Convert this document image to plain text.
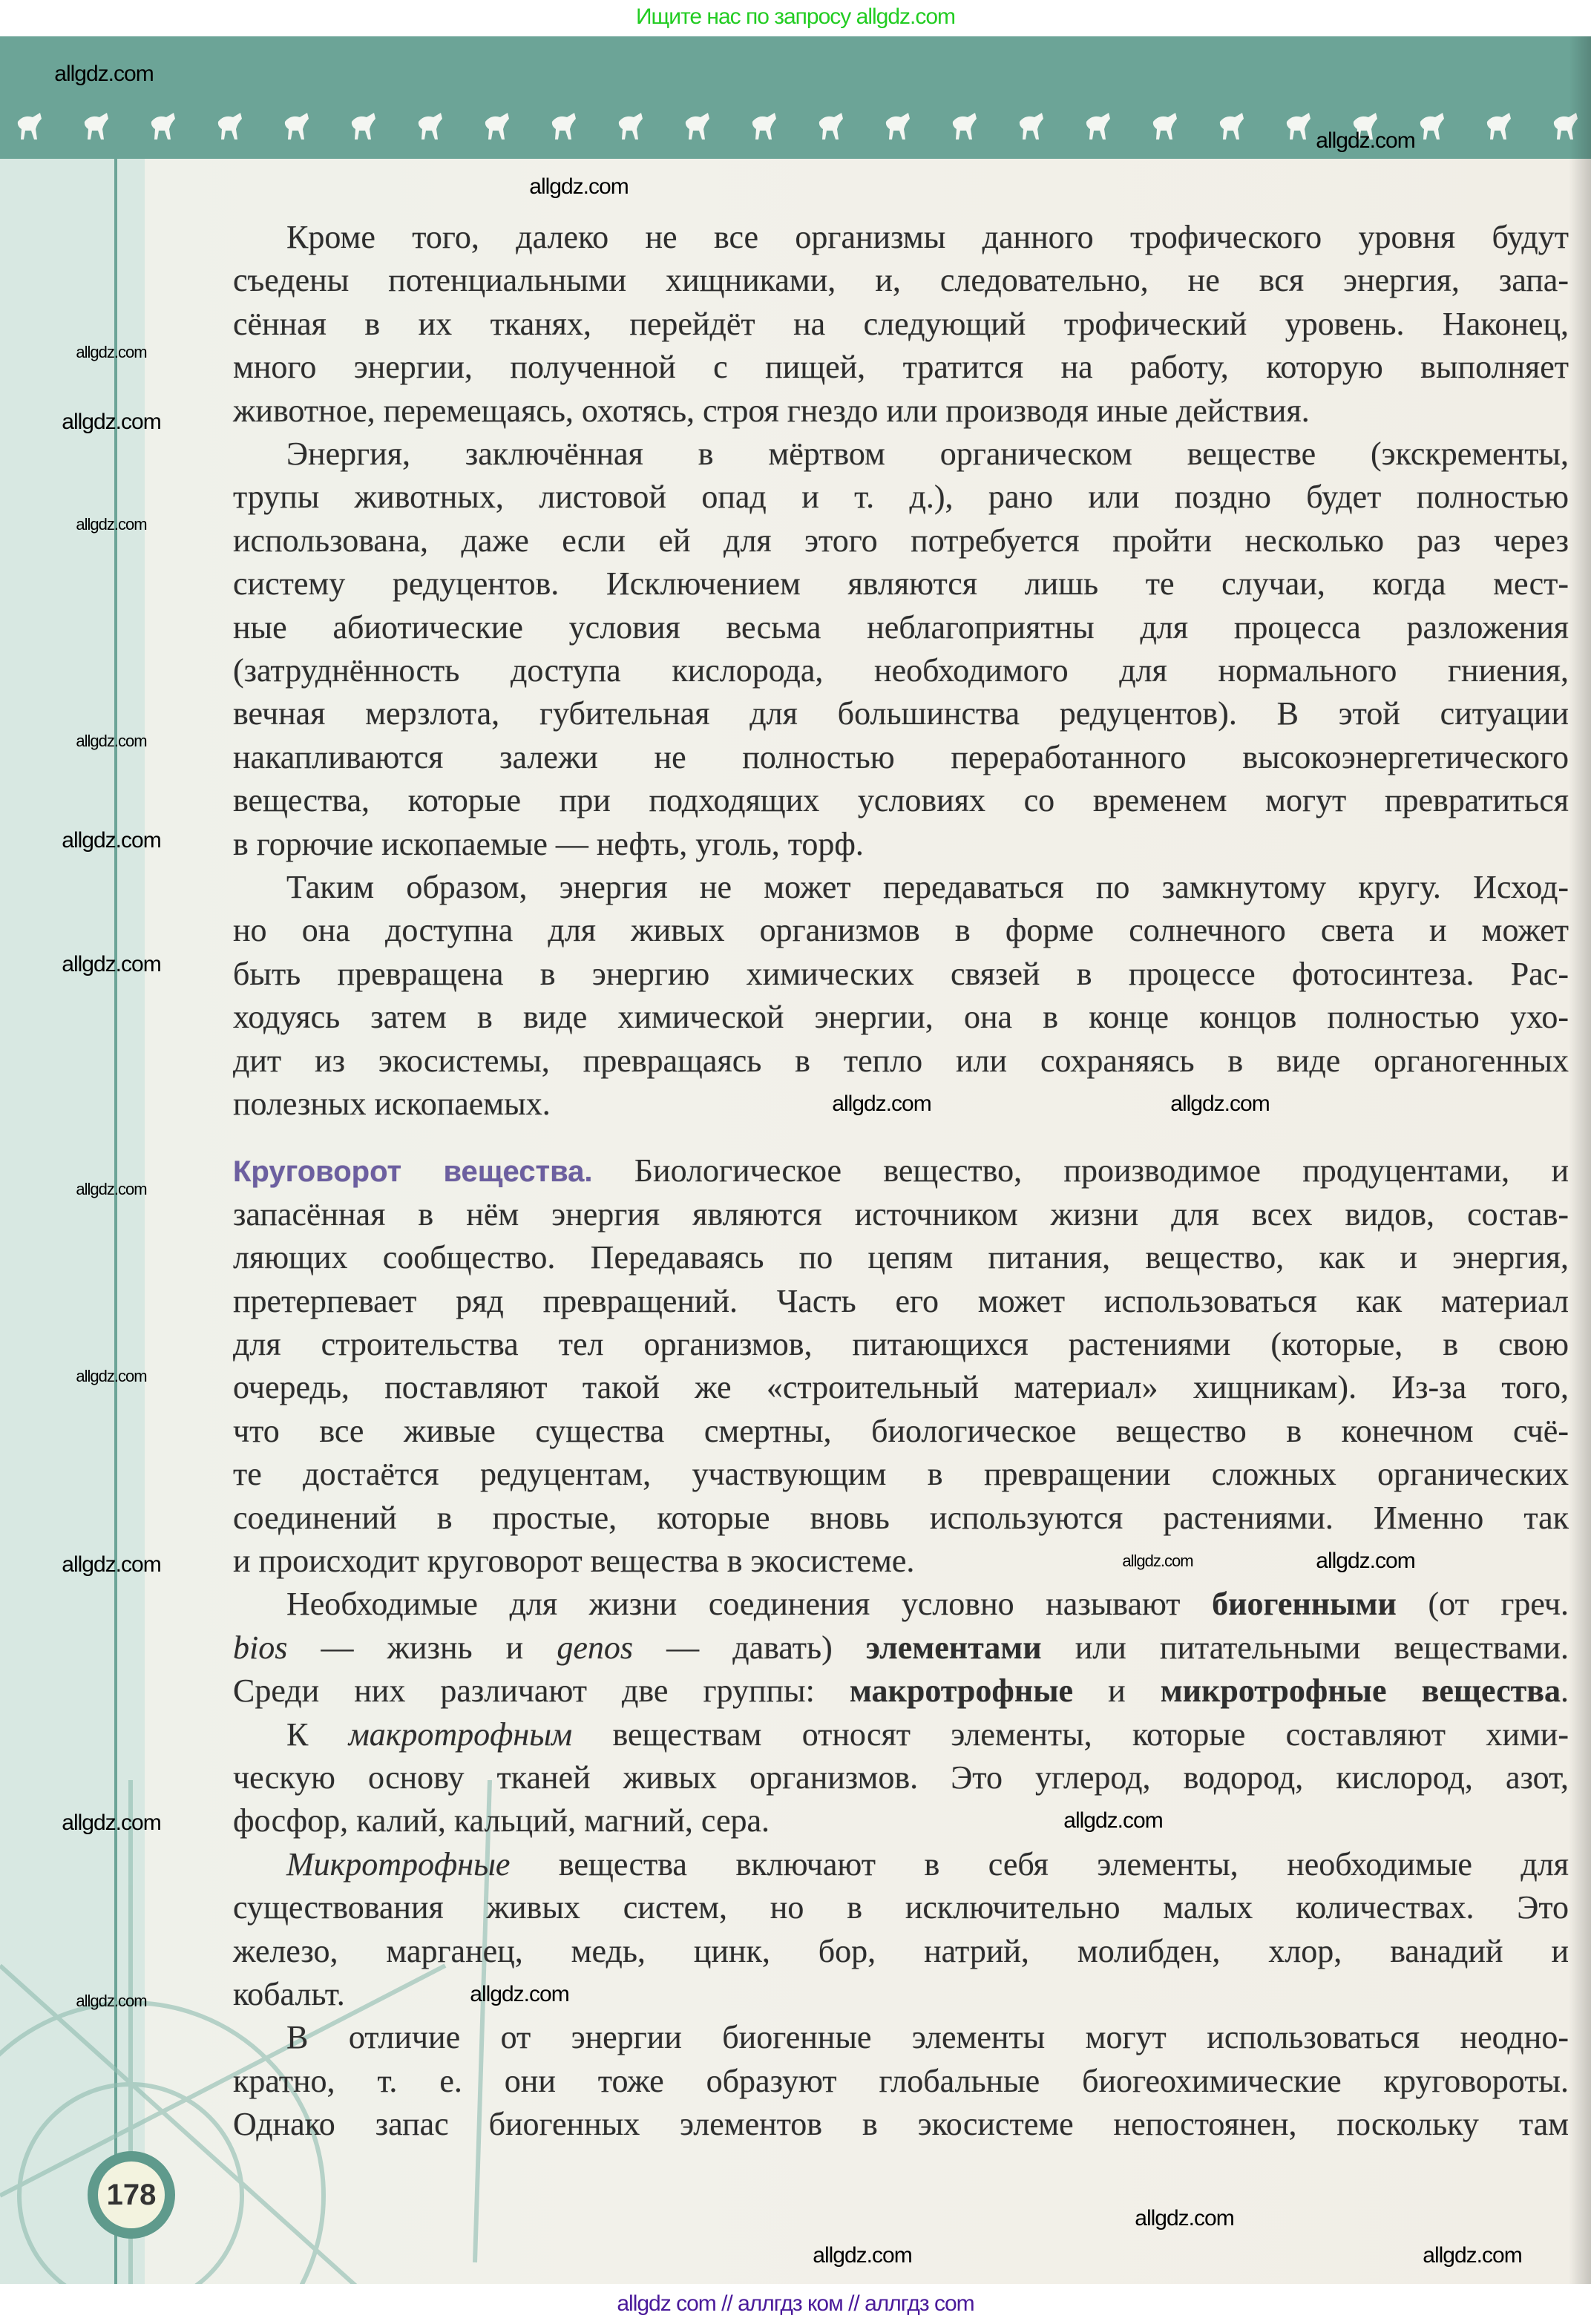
Ищите нас по запросу allgdz.com
178
Кроме того, далеко не все организмы данного трофического уровня будут
съедены потенциальными хищниками, и, следовательно, не вся энергия, запа-
сённая в их тканях, перейдёт на следующий трофический уровень. Наконец,
много энергии, полученной с пищей, тратится на работу, которую выполняет
животное, перемещаясь, охотясь, строя гнездо или производя иные действия.
Энергия, заключённая в мёртвом органическом веществе (экскременты,
трупы животных, листовой опад и т. д.), рано или поздно будет полностью
использована, даже если ей для этого потребуется пройти несколько раз через
систему редуцентов. Исключением являются лишь те случаи, когда мест-
ные абиотические условия весьма неблагоприятны для процесса разложения
(затруднённость доступа кислорода, необходимого для нормального гниения,
вечная мерзлота, губительная для большинства редуцентов). В этой ситуации
накапливаются залежи не полностью переработанного высокоэнергетического
вещества, которые при подходящих условиях со временем могут превратиться
в горючие ископаемые — нефть, уголь, торф.
Таким образом, энергия не может передаваться по замкнутому кругу. Исход-
но она доступна для живых организмов в форме солнечного света и может
быть превращена в энергию химических связей в процессе фотосинтеза. Рас-
ходуясь затем в виде химической энергии, она в конце концов полностью ухо-
дит из экосистемы, превращаясь в тепло или сохраняясь в виде органогенных
полезных ископаемых.
Круговорот вещества. Биологическое вещество, производимое продуцентами, и
запасённая в нём энергия являются источником жизни для всех видов, состав-
ляющих сообщество. Передаваясь по цепям питания, вещество, как и энергия,
претерпевает ряд превращений. Часть его может использоваться как материал
для строительства тел организмов, питающихся растениями (которые, в свою
очередь, поставляют такой же «строительный материал» хищникам). Из-за того,
что все живые существа смертны, биологическое вещество в конечном счё-
те достаётся редуцентам, участвующим в превращении сложных органических
соединений в простые, которые вновь используются растениями. Именно так
и происходит круговорот вещества в экосистеме.
Необходимые для жизни соединения условно называют биогенными (от греч.
bios — жизнь и genos — давать) элементами или питательными веществами.
Среди них различают две группы: макротрофные и микротрофные вещества.
К макротрофным веществам относят элементы, которые составляют хими-
ческую основу тканей живых организмов. Это углерод, водород, кислород, азот,
фосфор, калий, кальций, магний, сера.
Микротрофные вещества включают в себя элементы, необходимые для
существования живых систем, но в исключительно малых количествах. Это
железо, марганец, медь, цинк, бор, натрий, молибден, хлор, ванадий и
кобальт.
В отличие от энергии биогенные элементы могут использоваться неодно-
кратно, т. е. они тоже образуют глобальные биогеохимические круговороты.
Однако запас биогенных элементов в экосистеме непостоянен, поскольку там
allgdz.com
allgdz.com
allgdz.com
allgdz.com
allgdz.com
allgdz.com
allgdz.com
allgdz.com
allgdz.com
allgdz.com
allgdz.com
allgdz.com
allgdz.com
allgdz.com	allgdz.com
allgdz.com
allgdz.com
allgdz.com
allgdz.com
allgdz.com
allgdz.com
allgdz.com
allgdz.com
allgdz com // аллгдз ком // аллгдз com
